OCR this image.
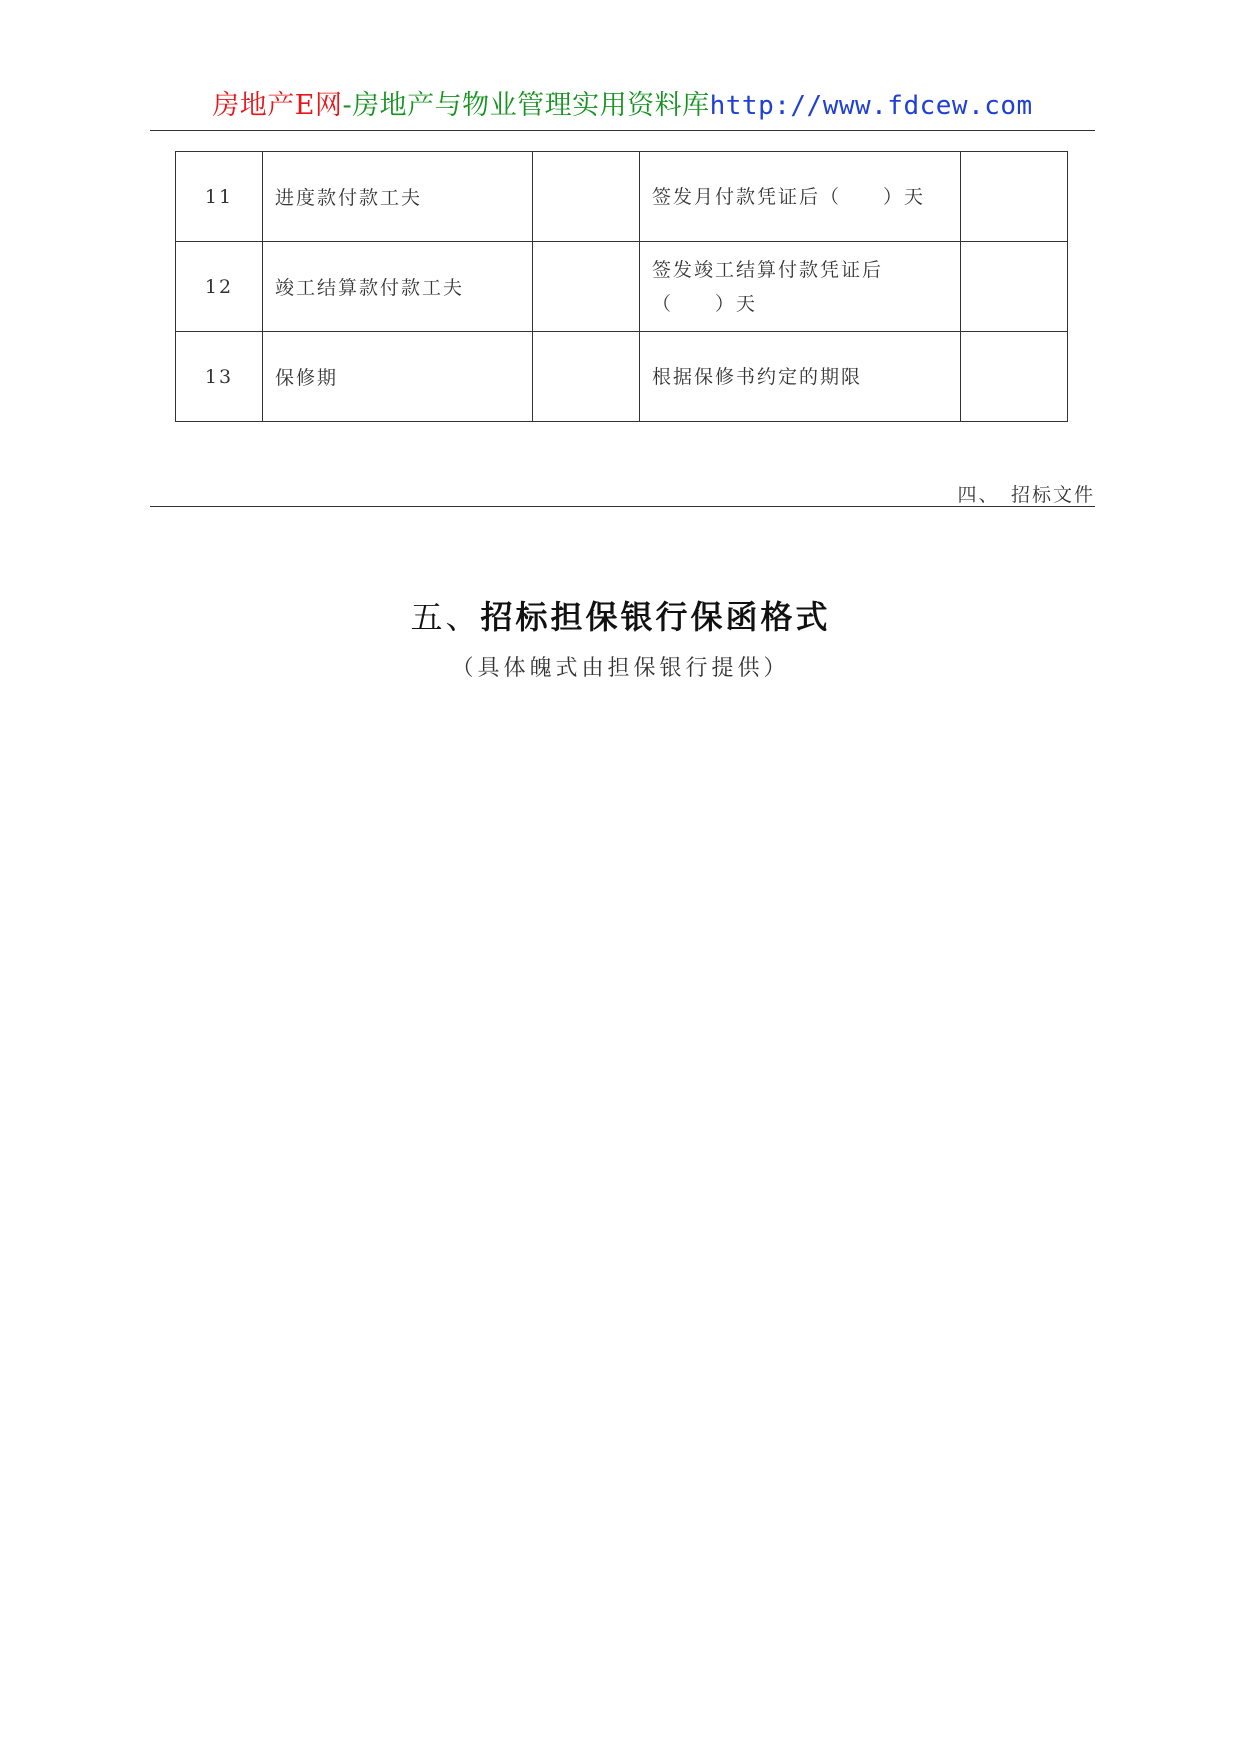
房地产E网-房地产与物业管理实用资料库http://www.fdcew.com
11	进度款付款工夫		签发月付款凭证后（　　）天	
12	竣工结算款付款工夫		签发竣工结算付款凭证后（　　）天	
13	保修期		根据保修书约定的期限	
四、　招标文件
五、招标担保银行保函格式
（具体魄式由担保银行提供）
